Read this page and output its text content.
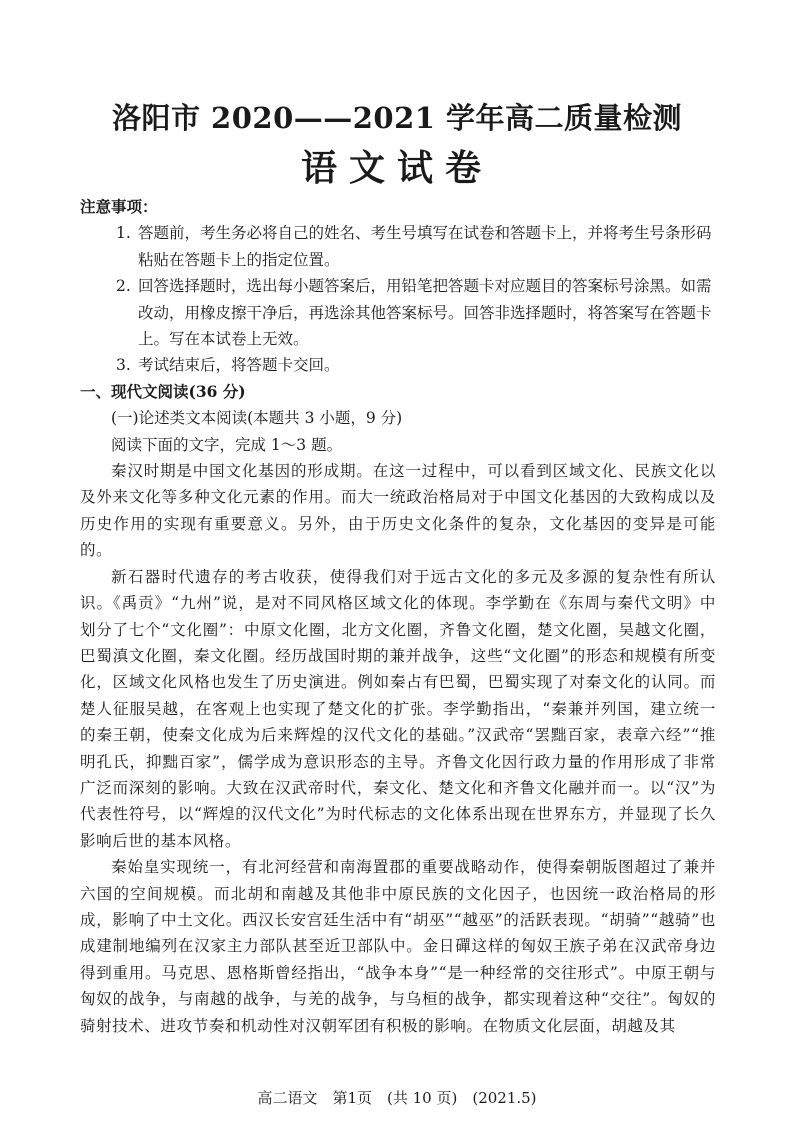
洛阳市 2020——2021 学年高二质量检测
语文试卷

注意事项：

1. 答题前，考生务必将自己的姓名、考生号填写在试卷和答题卡上，并将考生号条形码粘贴在答题卡上的指定位置。

2. 回答选择题时，选出每小题答案后，用铅笔把答题卡对应题目的答案标号涂黑。如需改动，用橡皮擦干净后，再选涂其他答案标号。回答非选择题时，将答案写在答题卡上。写在本试卷上无效。

3. 考试结束后，将答题卡交回。

一、现代文阅读(36 分)

(一)论述类文本阅读(本题共 3 小题，9 分)

阅读下面的文字，完成 1～3 题。

秦汉时期是中国文化基因的形成期。在这一过程中，可以看到区域文化、民族文化以及外来文化等多种文化元素的作用。而大一统政治格局对于中国文化基因的大致构成以及历史作用的实现有重要意义。另外，由于历史文化条件的复杂，文化基因的变异是可能的。

新石器时代遗存的考古收获，使得我们对于远古文化的多元及多源的复杂性有所认识。《禹贡》“九州”说，是对不同风格区域文化的体现。李学勤在《东周与秦代文明》中划分了七个“文化圈”：中原文化圈，北方文化圈，齐鲁文化圈，楚文化圈，吴越文化圈，巴蜀滇文化圈，秦文化圈。经历战国时期的兼并战争，这些“文化圈”的形态和规模有所变化，区域文化风格也发生了历史演进。例如秦占有巴蜀，巴蜀实现了对秦文化的认同。而楚人征服吴越，在客观上也实现了楚文化的扩张。李学勤指出，“秦兼并列国，建立统一的秦王朝，使秦文化成为后来辉煌的汉代文化的基础。”汉武帝“罢黜百家，表章六经”“推明孔氏，抑黜百家”，儒学成为意识形态的主导。齐鲁文化因行政力量的作用形成了非常广泛而深刻的影响。大致在汉武帝时代，秦文化、楚文化和齐鲁文化融并而一。以“汉”为代表性符号，以“辉煌的汉代文化”为时代标志的文化体系出现在世界东方，并显现了长久影响后世的基本风格。

秦始皇实现统一，有北河经营和南海置郡的重要战略动作，使得秦朝版图超过了兼并六国的空间规模。而北胡和南越及其他非中原民族的文化因子，也因统一政治格局的形成，影响了中土文化。西汉长安宫廷生活中有“胡巫”“越巫”的活跃表现。“胡骑”“越骑”也成建制地编列在汉家主力部队甚至近卫部队中。金日磾这样的匈奴王族子弟在汉武帝身边得到重用。马克思、恩格斯曾经指出，“战争本身”“是一种经常的交往形式”。中原王朝与匈奴的战争，与南越的战争，与羌的战争，与乌桓的战争，都实现着这种“交往”。匈奴的骑射技术、进攻节奏和机动性对汉朝军团有积极的影响。在物质文化层面，胡越及其

高二语文　第1页　(共 10 页)　(2021.5)
